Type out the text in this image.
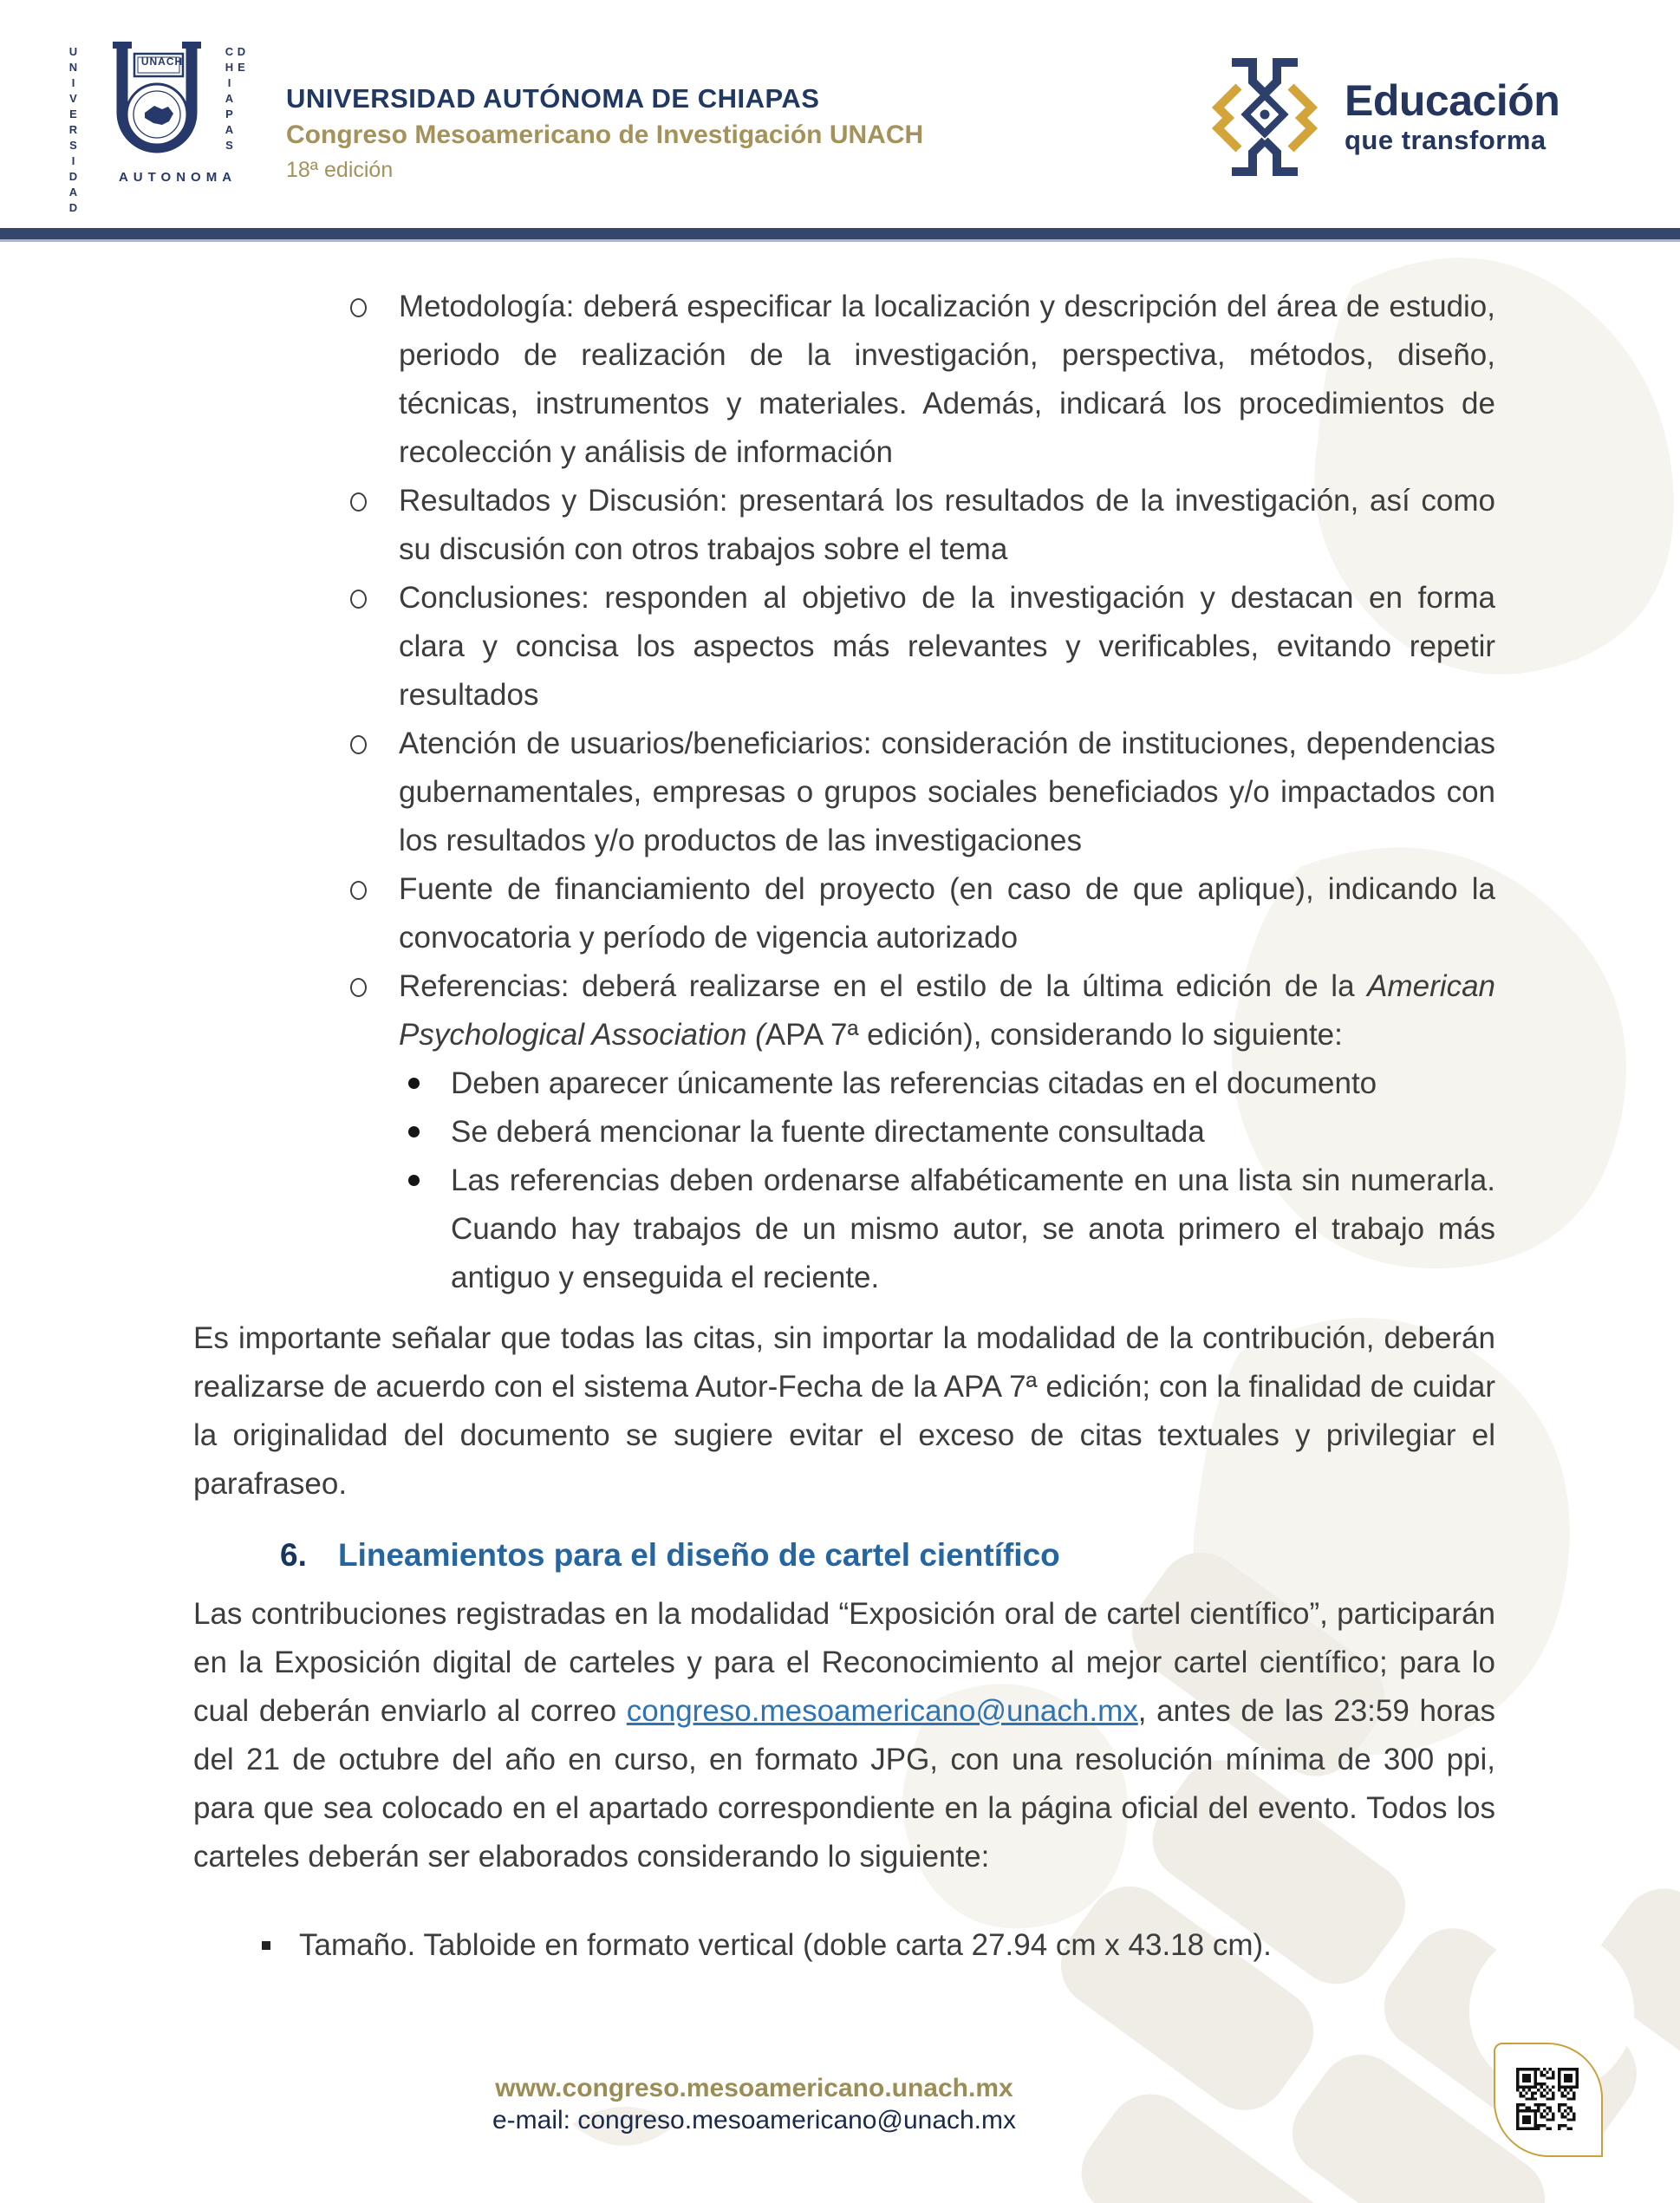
UNIVERSIDAD	DE CHIAPAS
UNACH
AUTONOMA
UNIVERSIDAD AUTÓNOMA DE CHIAPAS
Congreso Mesoamericano de Investigación UNACH
18ª edición
Educación
que transforma
Metodología: deberá especificar la localización y descripción del área de estudio, periodo de realización de la investigación, perspectiva, métodos, diseño, técnicas, instrumentos y materiales. Además, indicará los procedimientos de recolección y análisis de información
Resultados y Discusión: presentará los resultados de la investigación, así como su discusión con otros trabajos sobre el tema
Conclusiones: responden al objetivo de la investigación y destacan en forma clara y concisa los aspectos más relevantes y verificables, evitando repetir resultados
Atención de usuarios/beneficiarios: consideración de instituciones, dependencias gubernamentales, empresas o grupos sociales beneficiados y/o impactados con los resultados y/o productos de las investigaciones
Fuente de financiamiento del proyecto (en caso de que aplique), indicando la convocatoria y período de vigencia autorizado
Referencias: deberá realizarse en el estilo de la última edición de la American Psychological Association (APA 7ª edición), considerando lo siguiente:
Deben aparecer únicamente las referencias citadas en el documento
Se deberá mencionar la fuente directamente consultada
Las referencias deben ordenarse alfabéticamente en una lista sin numerarla. Cuando hay trabajos de un mismo autor, se anota primero el trabajo más antiguo y enseguida el reciente.

Es importante señalar que todas las citas, sin importar la modalidad de la contribución, deberán realizarse de acuerdo con el sistema Autor-Fecha de la APA 7ª edición; con la finalidad de cuidar la originalidad del documento se sugiere evitar el exceso de citas textuales y privilegiar el parafraseo.

6. Lineamientos para el diseño de cartel científico

Las contribuciones registradas en la modalidad “Exposición oral de cartel científico”, participarán en la Exposición digital de carteles y para el Reconocimiento al mejor cartel científico; para lo cual deberán enviarlo al correo congreso.mesoamericano@unach.mx, antes de las 23:59 horas del 21 de octubre del año en curso, en formato JPG, con una resolución mínima de 300 ppi, para que sea colocado en el apartado correspondiente en la página oficial del evento. Todos los carteles deberán ser elaborados considerando lo siguiente:

Tamaño. Tabloide en formato vertical (doble carta 27.94 cm x 43.18 cm).
www.congreso.mesoamericano.unach.mx
e-mail: congreso.mesoamericano@unach.mx
